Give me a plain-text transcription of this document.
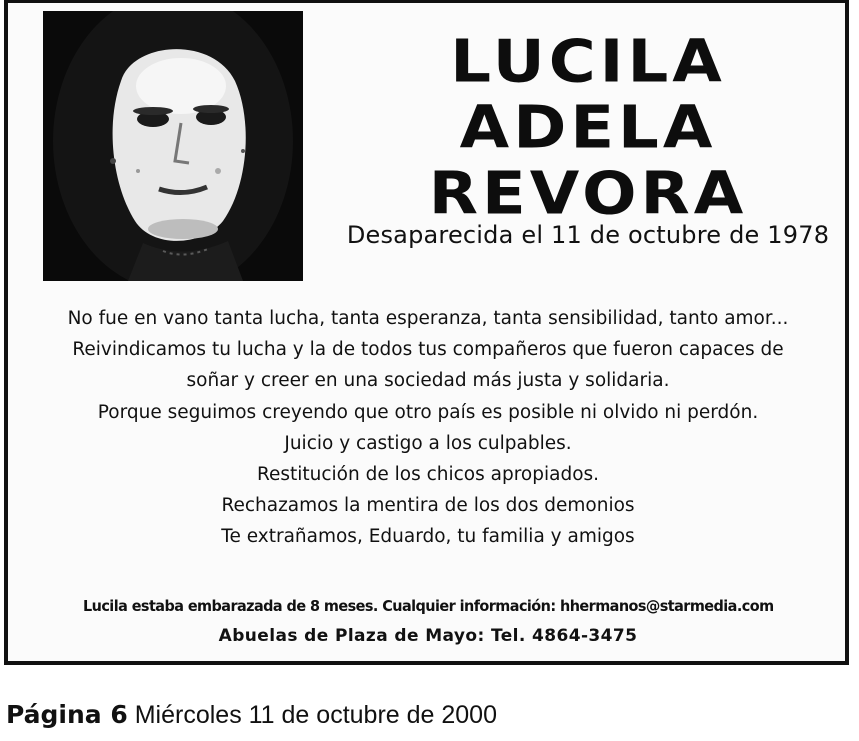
LUCILA
ADELA
REVORA
Desaparecida el 11 de octubre de 1978
No fue en vano tanta lucha, tanta esperanza, tanta sensibilidad, tanto amor...
Reivindicamos tu lucha y la de todos tus compañeros que fueron capaces de
soñar y creer en una sociedad más justa y solidaria.
Porque seguimos creyendo que otro país es posible ni olvido ni perdón.
Juicio y castigo a los culpables.
Restitución de los chicos apropiados.
Rechazamos la mentira de los dos demonios
Te extrañamos, Eduardo, tu familia y amigos
Lucila estaba embarazada de 8 meses. Cualquier información: hhermanos@starmedia.com
Abuelas de Plaza de Mayo: Tel. 4864-3475
Página 6 Miércoles 11 de octubre de 2000
